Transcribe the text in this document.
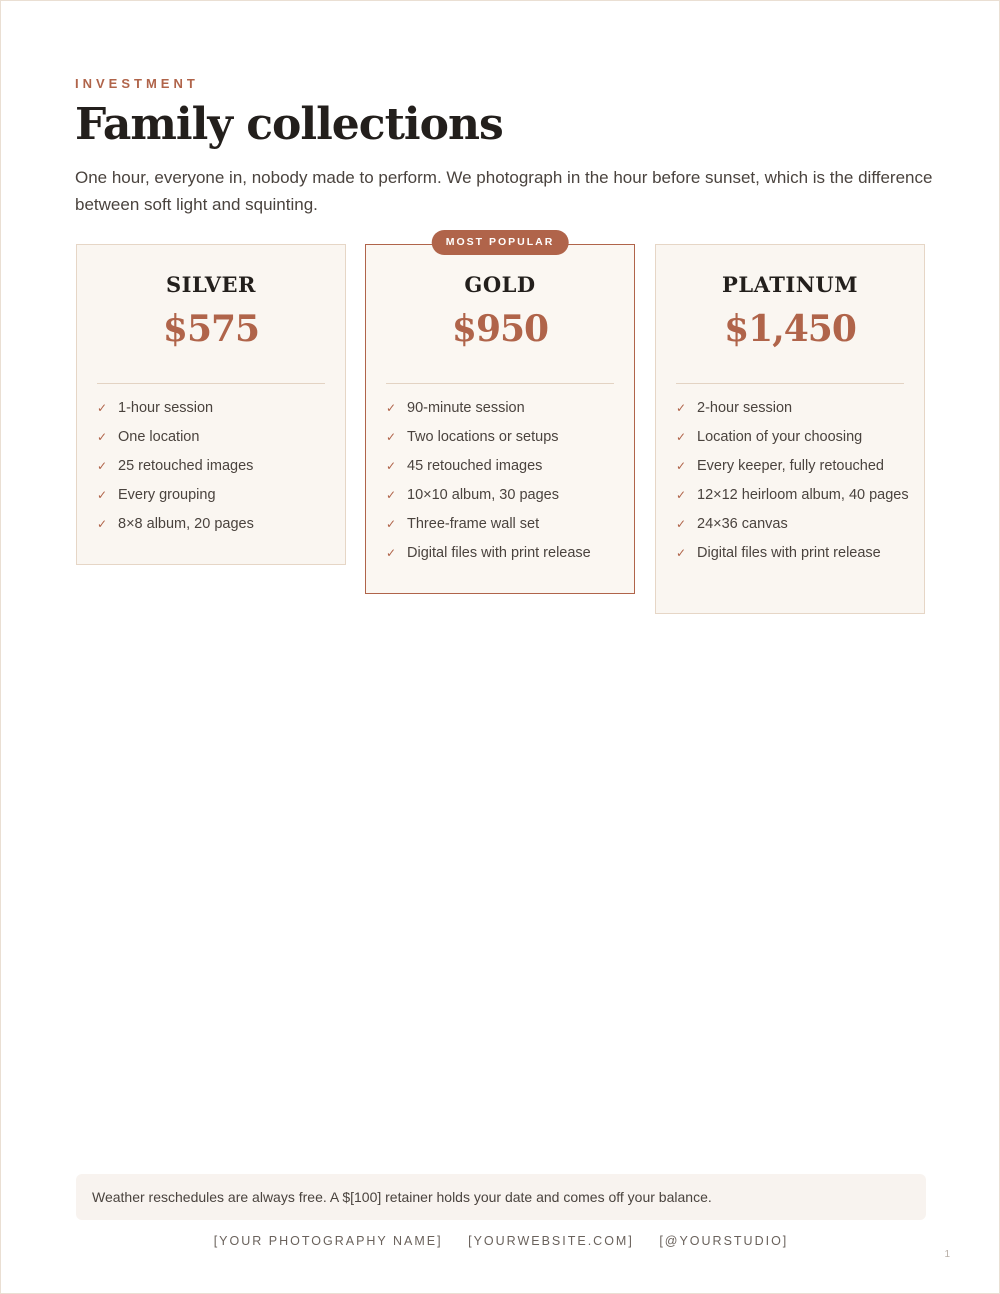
INVESTMENT
Family collections

One hour, everyone in, nobody made to perform. We photograph in the hour before sunset, which is the difference between soft light and squinting.

SILVER
$575
✓ 1-hour session
✓ One location
✓ 25 retouched images
✓ Every grouping
✓ 8×8 album, 20 pages
MOST POPULAR
GOLD
$950
✓ 90-minute session
✓ Two locations or setups
✓ 45 retouched images
✓ 10×10 album, 30 pages
✓ Three-frame wall set
✓ Digital files with print release
PLATINUM
$1,450
✓ 2-hour session
✓ Location of your choosing
✓ Every keeper, fully retouched
✓ 12×12 heirloom album, 40 pages
✓ 24×36 canvas
✓ Digital files with print release
Weather reschedules are always free. A $[100] retainer holds your date and comes off your balance.
[YOUR PHOTOGRAPHY NAME] [YOURWEBSITE.COM] [@YOURSTUDIO]
1
